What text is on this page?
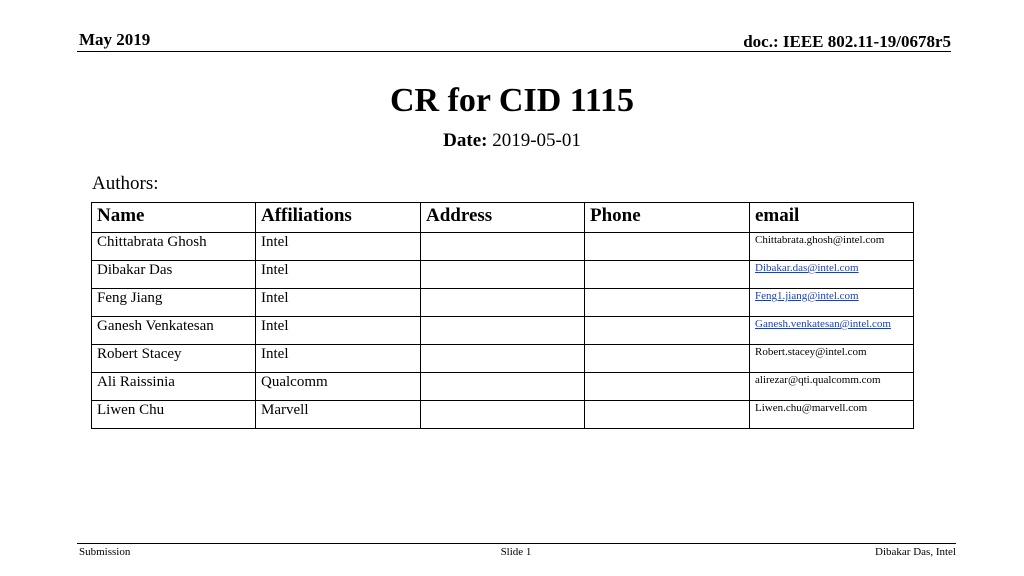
May 2019	doc.: IEEE 802.11-19/0678r5
CR for CID 1115
Date: 2019-05-01
Authors:
Name	Affiliations	Address	Phone	email
Chittabrata Ghosh	Intel			Chittabrata.ghosh@intel.com
Dibakar Das	Intel			Dibakar.das@intel.com
Feng Jiang	Intel			Feng1.jiang@intel.com
Ganesh Venkatesan	Intel			Ganesh.venkatesan@intel.com
Robert Stacey	Intel			Robert.stacey@intel.com
Ali Raissinia	Qualcomm			alirezar@qti.qualcomm.com
Liwen Chu	Marvell			Liwen.chu@marvell.com
Submission	Slide 1	Dibakar Das, Intel
